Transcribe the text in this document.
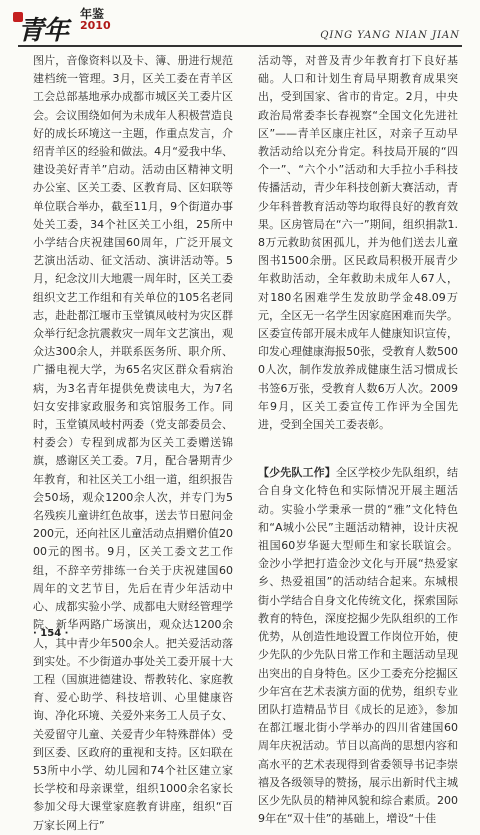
青年
年鉴
2010
QING YANG NIAN JIAN

图片，音像资料以及卡、簿、册进行规范建档统一管理。3月，区关工委在青羊区工会总部基地承办成都市城区关工委片区会。会议围绕如何为未成年人积极营造良好的成长环境这一主题，作重点发言，介绍青羊区的经验和做法。4月“爱我中华、建设美好青羊”启动。活动由区精神文明办公室、区关工委、区教育局、区妇联等单位联合举办，截至11月，9个街道办事处关工委，34个社区关工小组，25所中小学结合庆祝建国60周年，广泛开展文艺演出活动、征文活动、演讲活动等。5月，纪念汶川大地震一周年时，区关工委组织文艺工作组和有关单位的105名老同志，赴赴都江堰市玉堂镇凤岐村为灾区群众举行纪念抗震救灾一周年文艺演出，观众达300余人，并联系医务所、职介所、广播电视大学，为65名灾区群众看病治病，为3名青年提供免费读电大，为7名妇女安排家政服务和宾馆服务工作。同时，玉堂镇凤岐村两委（党支部委员会、村委会）专程到成都为区关工委赠送锦旗，感谢区关工委。7月，配合暑期青少年教育，和社区关工小组一道，组织报告会50场，观众1200余人次，并专门为5名残疾儿童讲红色故事，送去节日慰问金200元，还向社区儿童活动点捐赠价值2000元的图书。9月，区关工委文艺工作组，不辞辛劳排练一台关于庆祝建国60周年的文艺节目，先后在青少年活动中心、成都实验小学、成都电大财经管理学院、新华两路广场演出，观众达1200余人，其中青少年500余人。把关爱活动落到实处。不少街道办事处关工委开展十大工程（国旗进德建设、帮教转化、家庭教育、爱心助学、科技培训、心里健康咨询、净化环境、关爱外来务工人员子女、关爱留守儿童、关爱青少年特殊群体）受到区委、区政府的重视和支持。区妇联在53所中小学、幼儿园和74个社区建立家长学校和母亲课堂，组织1000余名家长参加父母大课堂家庭教育讲座，组织“百万家长网上行”

活动等，对普及青少年教育打下良好基础。人口和计划生育局早期教育成果突出，受到国家、省市的肯定。2月，中央政治局常委李长春视察“全国文化先进社区”——青羊区康庄社区，对亲子互动早教活动给以充分肯定。科技局开展的“四个一”、“六个小”活动和大手拉小手科技传播活动，青少年科技创新大赛活动，青少年科普教育活动等均取得良好的教育效果。区房管局在“六一”期间，组织捐款1.8万元救助贫困孤儿，并为他们送去儿童图书1500余册。区民政局积极开展青少年救助活动，全年救助未成年人67人，对180名困难学生发放助学金48.09万元，全区无一名学生因家庭困难而失学。区委宣传部开展未成年人健康知识宣传，印发心理健康海报50张，受教育人数5000人次，制作发放养成健康生活习惯成长书签6万张，受教育人数6万人次。2009年9月，区关工委宣传工作评为全国先进，受到全国关工委表彰。

【少先队工作】全区学校少先队组织，结合自身文化特色和实际情况开展主题活动。实验小学秉承一贯的“雅”文化特色和“A城小公民”主题活动精神，设计庆祝祖国60岁华诞大型师生和家长联谊会。金沙小学把打造金沙文化与开展“热爱家乡、热爱祖国”的活动结合起来。东城根街小学结合自身文化传统文化，探索国际教育的特色，深度挖掘少先队组织的工作优势，从创造性地设置工作岗位开始，使少先队的少先队日常工作和主题活动呈现出突出的自身特色。区少工委充分挖掘区少年宫在艺术表演方面的优势，组织专业团队打造精品节目《成长的足迹》，参加在都江堰北街小学举办的四川省建国60周年庆祝活动。节目以高尚的思想内容和高水平的艺术表现得到省委领导书记李崇禧及各级领导的赞扬，展示出新时代主城区少先队员的精神风貌和综合素质。2009年在“双十佳”的基础上，增设“十佳

· 154 ·
